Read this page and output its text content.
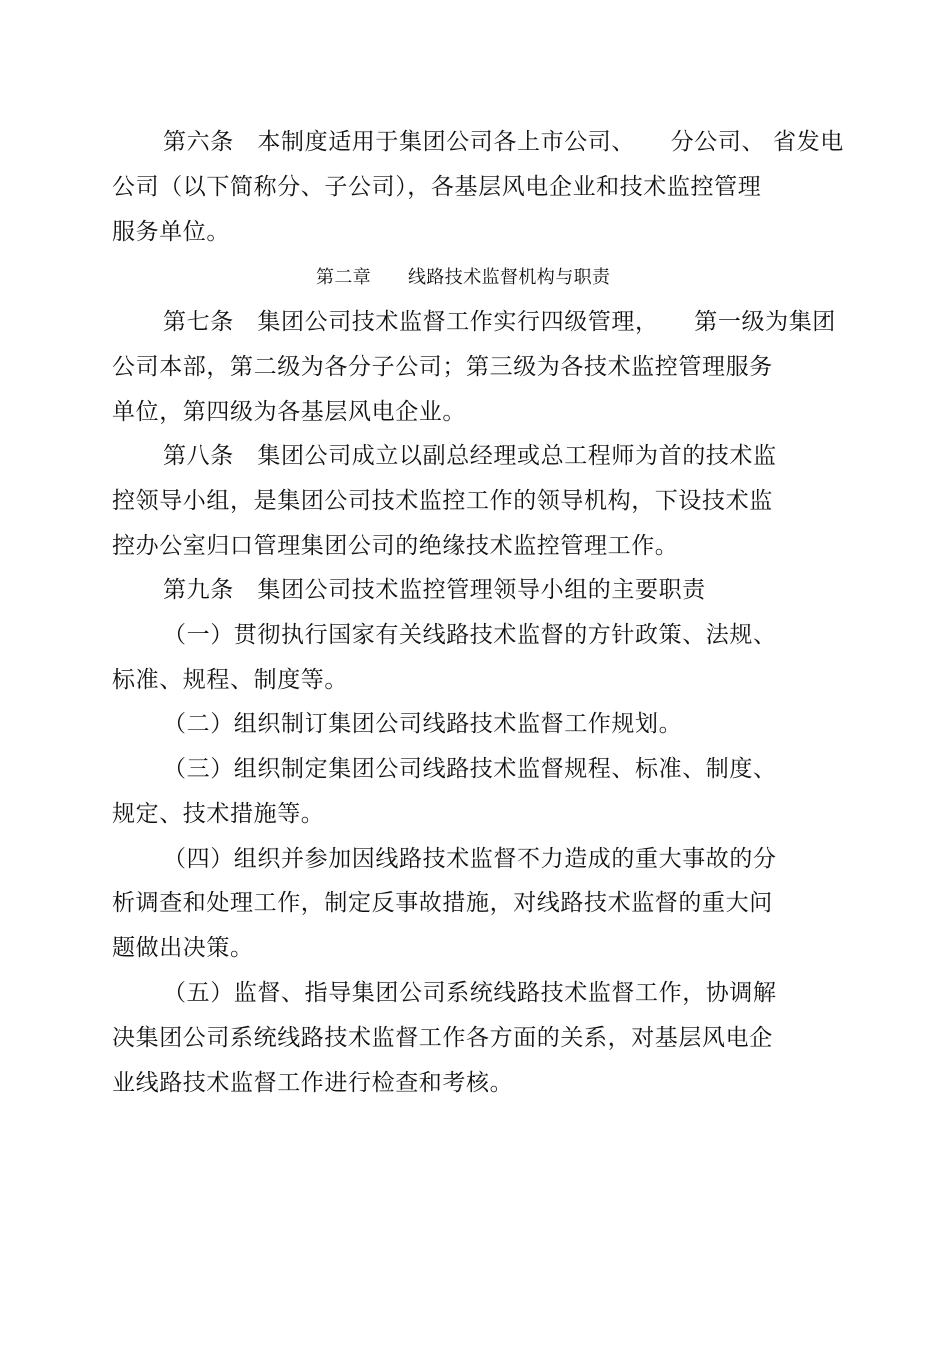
第六条　本制度适用于集团公司各上市公司、　　分公司、 省发电
公司（以下简称分、子公司），各基层风电企业和技术监控管理
服务单位。
第二章　　线路技术监督机构与职责
第七条　集团公司技术监督工作实行四级管理，　　第一级为集团
公司本部，第二级为各分子公司；第三级为各技术监控管理服务
单位，第四级为各基层风电企业。
第八条　集团公司成立以副总经理或总工程师为首的技术监
控领导小组，是集团公司技术监控工作的领导机构，下设技术监
控办公室归口管理集团公司的绝缘技术监控管理工作。
第九条　集团公司技术监控管理领导小组的主要职责
（一）贯彻执行国家有关线路技术监督的方针政策、法规、
标准、规程、制度等。
（二）组织制订集团公司线路技术监督工作规划。
（三）组织制定集团公司线路技术监督规程、标准、制度、
规定、技术措施等。
（四）组织并参加因线路技术监督不力造成的重大事故的分
析调查和处理工作，制定反事故措施，对线路技术监督的重大问
题做出决策。
（五）监督、指导集团公司系统线路技术监督工作，协调解
决集团公司系统线路技术监督工作各方面的关系，对基层风电企
业线路技术监督工作进行检查和考核。
